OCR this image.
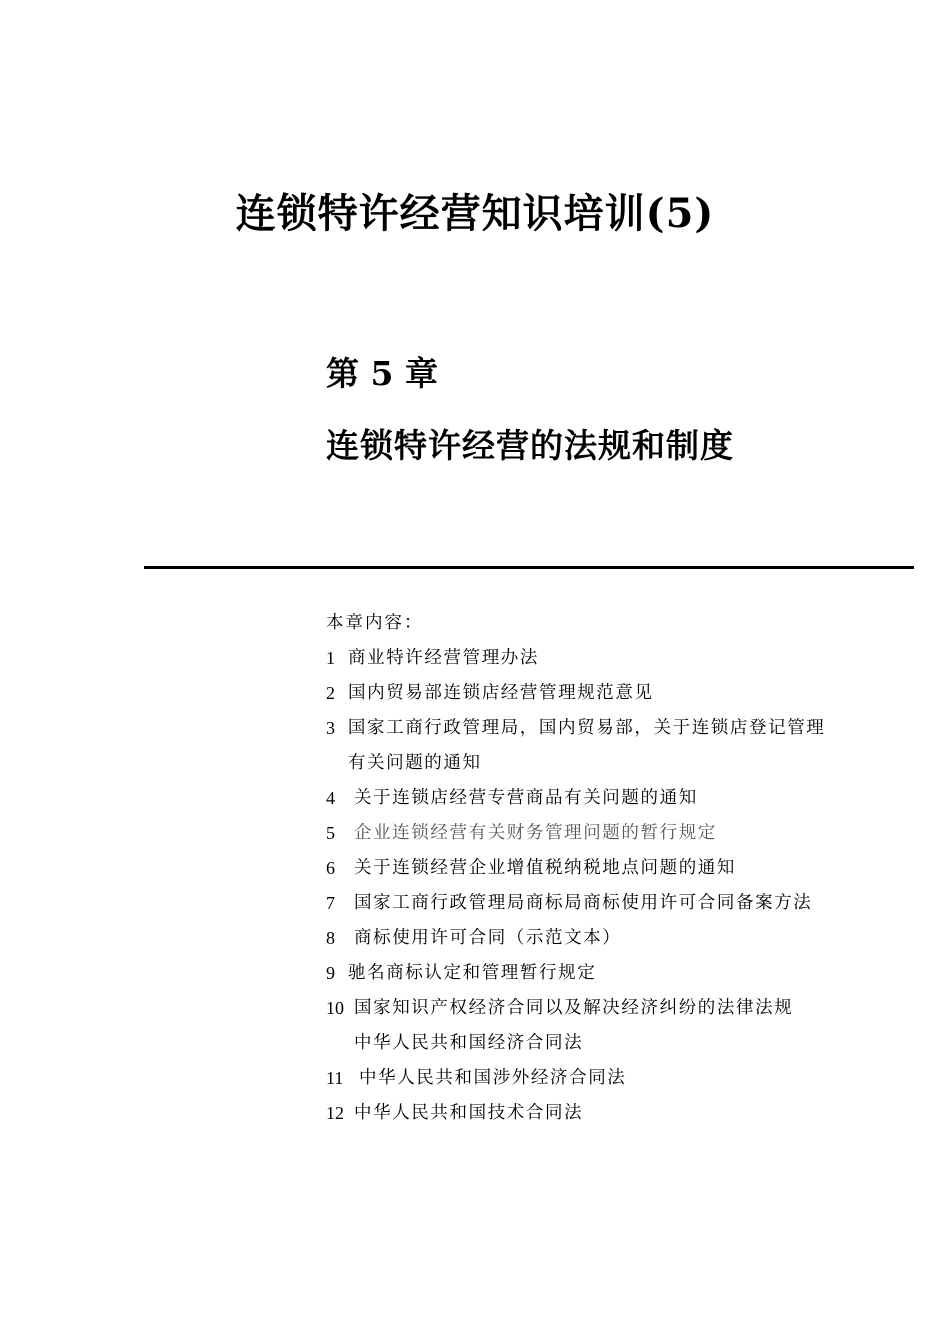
连锁特许经营知识培训(5)
第 5 章
连锁特许经营的法规和制度

本章内容：

1 商业特许经营管理办法
2 国内贸易部连锁店经营管理规范意见
3 国家工商行政管理局，国内贸易部，关于连锁店登记管理有关问题的通知
4	关于连锁店经营专营商品有关问题的通知
5	企业连锁经营有关财务管理问题的暂行规定
6	关于连锁经营企业增值税纳税地点问题的通知
7	国家工商行政管理局商标局商标使用许可合同备案方法
8	商标使用许可合同（示范文本）
9 驰名商标认定和管理暂行规定
10 国家知识产权经济合同以及解决经济纠纷的法律法规
中华人民共和国经济合同法
11 中华人民共和国涉外经济合同法
12 中华人民共和国技术合同法
